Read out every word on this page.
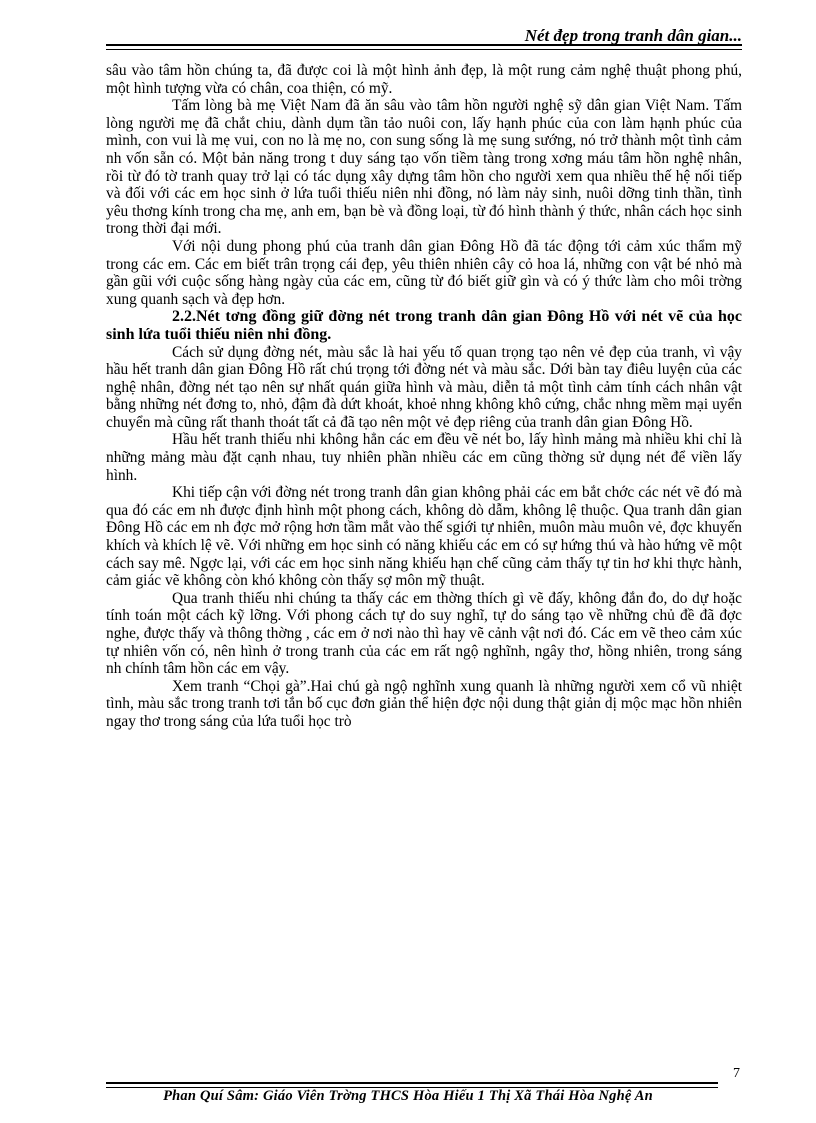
Nét đẹp trong tranh dân gian...

sâu vào tâm hồn chúng ta, đã được coi là một hình ảnh đẹp, là một rung cảm nghệ thuật phong phú, một hình tượng vừa có chân, coa thiện, có mỹ.

Tấm lòng bà mẹ Việt Nam đã ăn sâu vào tâm hồn người nghệ sỹ dân gian Việt Nam. Tấm lòng người mẹ đã chắt chiu, dành dụm tần tảo nuôi con, lấy hạnh phúc của con làm hạnh phúc của mình, con vui là mẹ vui, con no là mẹ no, con sung sống là mẹ sung sướng, nó trở thành một tình cảm nh vốn sẵn có. Một bản năng trong t duy sáng tạo vốn tiềm tàng trong xơng máu tâm hồn nghệ nhân, rồi từ đó tờ tranh quay trở lại có tác dụng xây dựng tâm hồn cho người xem qua nhiều thế hệ nối tiếp và đối với các em học sinh ở lứa tuổi thiếu niên nhi đồng, nó làm nảy sinh, nuôi dỡng tinh thần, tình yêu thơng kính trong cha mẹ, anh em, bạn bè và đồng loại, từ đó hình thành ý thức, nhân cách học sinh trong thời đại mới.

Với nội dung phong phú của tranh dân gian Đông Hồ đã tác động tới cảm xúc thẩm mỹ trong các em. Các em biết trân trọng cái đẹp, yêu thiên nhiên cây cỏ hoa lá, những con vật bé nhỏ mà gần gũi với cuộc sống hàng ngày của các em, cũng từ đó biết giữ gìn và có ý thức làm cho môi trờng xung quanh sạch và đẹp hơn.

2.2.Nét tơng đồng giữ đờng nét trong tranh dân gian Đông Hồ với nét vẽ của học sinh lứa tuổi thiếu niên nhi đồng.

Cách sử dụng đờng nét, màu sắc là hai yếu tố quan trọng tạo nên vẻ đẹp của tranh, vì vậy hầu hết tranh dân gian Đông Hồ rất chú trọng tới đờng nét và màu sắc. Dới bàn tay điêu luyện của các nghệ nhân, đờng nét tạo nên sự nhất quán giữa hình và màu, diễn tả một tình cảm tính cách nhân vật bằng những nét đơng to, nhỏ, đậm đà dứt khoát, khoẻ nhng không khô cứng, chắc nhng mềm mại uyển chuyển mà cũng rất thanh thoát tất cả đã tạo nên một vẻ đẹp riêng của tranh dân gian Đông Hồ.

Hầu hết tranh thiếu nhi không hẳn các em đều vẽ nét bo, lấy hình mảng mà nhiều khi chỉ là những mảng màu đặt cạnh nhau, tuy nhiên phần nhiều các em cũng thờng sử dụng nét để viền lấy hình.

Khi tiếp cận với đờng nét trong tranh dân gian không phải các em bắt chớc các nét vẽ đó mà qua đó các em nh được định hình một phong cách, không dò dẫm, không lệ thuộc. Qua tranh dân gian Đông Hồ các em nh đợc mở rộng hơn tầm mắt vào thế sgiới tự nhiên, muôn màu muôn vẻ, đợc khuyến khích và khích lệ vẽ. Với những em học sinh có năng khiếu các em có sự hứng thú và hào hứng vẽ một cách say mê. Ngợc lại, với các em học sinh năng khiếu hạn chế cũng cảm thấy tự tin hơ khi thực hành, cảm giác vẽ không còn khó không còn thấy sợ môn mỹ thuật.

Qua tranh thiếu nhi chúng ta thấy các em thờng thích gì vẽ đấy, không đắn đo, do dự hoặc tính toán một cách kỹ lỡng. Với phong cách tự do suy nghĩ, tự do sáng tạo về những chủ đề đã đợc nghe, được thấy và thông thờng , các em ở nơi nào thì hay vẽ cảnh vật nơi đó. Các em vẽ theo cảm xúc tự nhiên vốn có, nên hình ở trong tranh của các em rất ngộ nghĩnh, ngây thơ, hồng nhiên, trong sáng nh chính tâm hồn các em vậy.

Xem tranh “Chọi gà”.Hai chú gà ngộ nghĩnh xung quanh là những người xem cổ vũ nhiệt tình, màu sắc trong tranh tơi tắn bố cục đơn giản thể hiện đợc nội dung thật giản dị mộc mạc hồn nhiên ngay thơ trong sáng của lứa tuổi học trò

7
Phan Quí Sâm: Giáo Viên Trờng THCS Hòa Hiếu 1 Thị Xã Thái Hòa Nghệ An
